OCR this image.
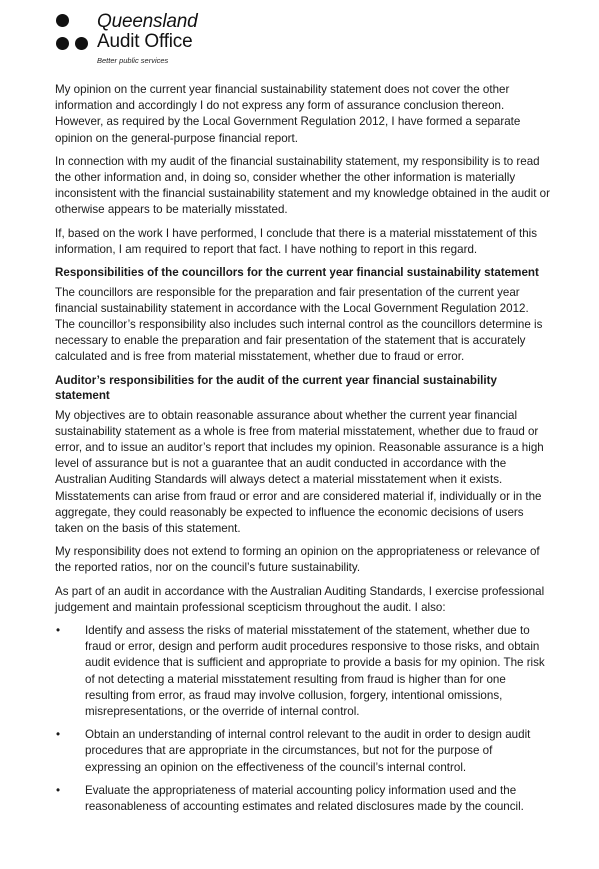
Queensland
Audit Office
Better public services

My opinion on the current year financial sustainability statement does not cover the other information and accordingly I do not express any form of assurance conclusion thereon. However, as required by the Local Government Regulation 2012, I have formed a separate opinion on the general-purpose financial report.

In connection with my audit of the financial sustainability statement, my responsibility is to read the other information and, in doing so, consider whether the other information is materially inconsistent with the financial sustainability statement and my knowledge obtained in the audit or otherwise appears to be materially misstated.

If, based on the work I have performed, I conclude that there is a material misstatement of this information, I am required to report that fact. I have nothing to report in this regard.

Responsibilities of the councillors for the current year financial sustainability statement

The councillors are responsible for the preparation and fair presentation of the current year financial sustainability statement in accordance with the Local Government Regulation 2012. The councillor’s responsibility also includes such internal control as the councillors determine is necessary to enable the preparation and fair presentation of the statement that is accurately calculated and is free from material misstatement, whether due to fraud or error.

Auditor’s responsibilities for the audit of the current year financial sustainability statement

My objectives are to obtain reasonable assurance about whether the current year financial sustainability statement as a whole is free from material misstatement, whether due to fraud or error, and to issue an auditor’s report that includes my opinion. Reasonable assurance is a high level of assurance but is not a guarantee that an audit conducted in accordance with the Australian Auditing Standards will always detect a material misstatement when it exists. Misstatements can arise from fraud or error and are considered material if, individually or in the aggregate, they could reasonably be expected to influence the economic decisions of users taken on the basis of this statement.

My responsibility does not extend to forming an opinion on the appropriateness or relevance of the reported ratios, nor on the council’s future sustainability.

As part of an audit in accordance with the Australian Auditing Standards, I exercise professional judgement and maintain professional scepticism throughout the audit. I also:

• Identify and assess the risks of material misstatement of the statement, whether due to fraud or error, design and perform audit procedures responsive to those risks, and obtain audit evidence that is sufficient and appropriate to provide a basis for my opinion. The risk of not detecting a material misstatement resulting from fraud is higher than for one resulting from error, as fraud may involve collusion, forgery, intentional omissions, misrepresentations, or the override of internal control.
• Obtain an understanding of internal control relevant to the audit in order to design audit procedures that are appropriate in the circumstances, but not for the purpose of expressing an opinion on the effectiveness of the council’s internal control.
• Evaluate the appropriateness of material accounting policy information used and the reasonableness of accounting estimates and related disclosures made by the council.
